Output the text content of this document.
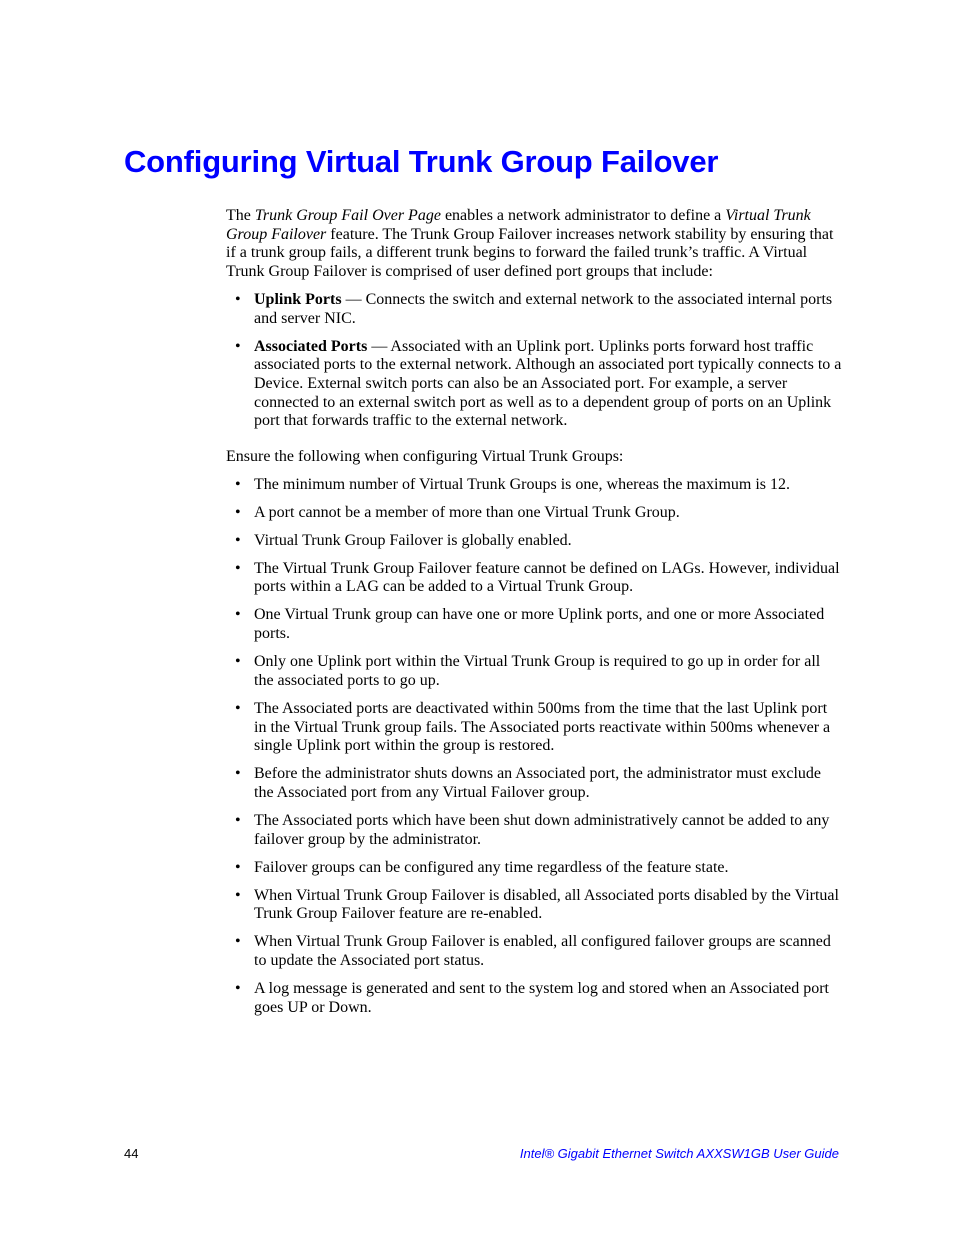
Configuring Virtual Trunk Group Failover

The Trunk Group Fail Over Page enables a network administrator to define a Virtual Trunk Group Failover feature. The Trunk Group Failover increases network stability by ensuring that if a trunk group fails, a different trunk begins to forward the failed trunk’s traffic. A Virtual Trunk Group Failover is comprised of user defined port groups that include:

• Uplink Ports — Connects the switch and external network to the associated internal ports and server NIC.
• Associated Ports — Associated with an Uplink port. Uplinks ports forward host traffic associated ports to the external network. Although an associated port typically connects to a Device. External switch ports can also be an Associated port. For example, a server connected to an external switch port as well as to a dependent group of ports on an Uplink port that forwards traffic to the external network.

Ensure the following when configuring Virtual Trunk Groups:

• The minimum number of Virtual Trunk Groups is one, whereas the maximum is 12.
• A port cannot be a member of more than one Virtual Trunk Group.
• Virtual Trunk Group Failover is globally enabled.
• The Virtual Trunk Group Failover feature cannot be defined on LAGs. However, individual ports within a LAG can be added to a Virtual Trunk Group.
• One Virtual Trunk group can have one or more Uplink ports, and one or more Associated ports.
• Only one Uplink port within the Virtual Trunk Group is required to go up in order for all the associated ports to go up.
• The Associated ports are deactivated within 500ms from the time that the last Uplink port in the Virtual Trunk group fails. The Associated ports reactivate within 500ms whenever a single Uplink port within the group is restored.
• Before the administrator shuts downs an Associated port, the administrator must exclude the Associated port from any Virtual Failover group.
• The Associated ports which have been shut down administratively cannot be added to any failover group by the administrator.
• Failover groups can be configured any time regardless of the feature state.
• When Virtual Trunk Group Failover is disabled, all Associated ports disabled by the Virtual Trunk Group Failover feature are re-enabled.
• When Virtual Trunk Group Failover is enabled, all configured failover groups are scanned to update the Associated port status.
• A log message is generated and sent to the system log and stored when an Associated port goes UP or Down.
44	Intel® Gigabit Ethernet Switch AXXSW1GB User Guide
